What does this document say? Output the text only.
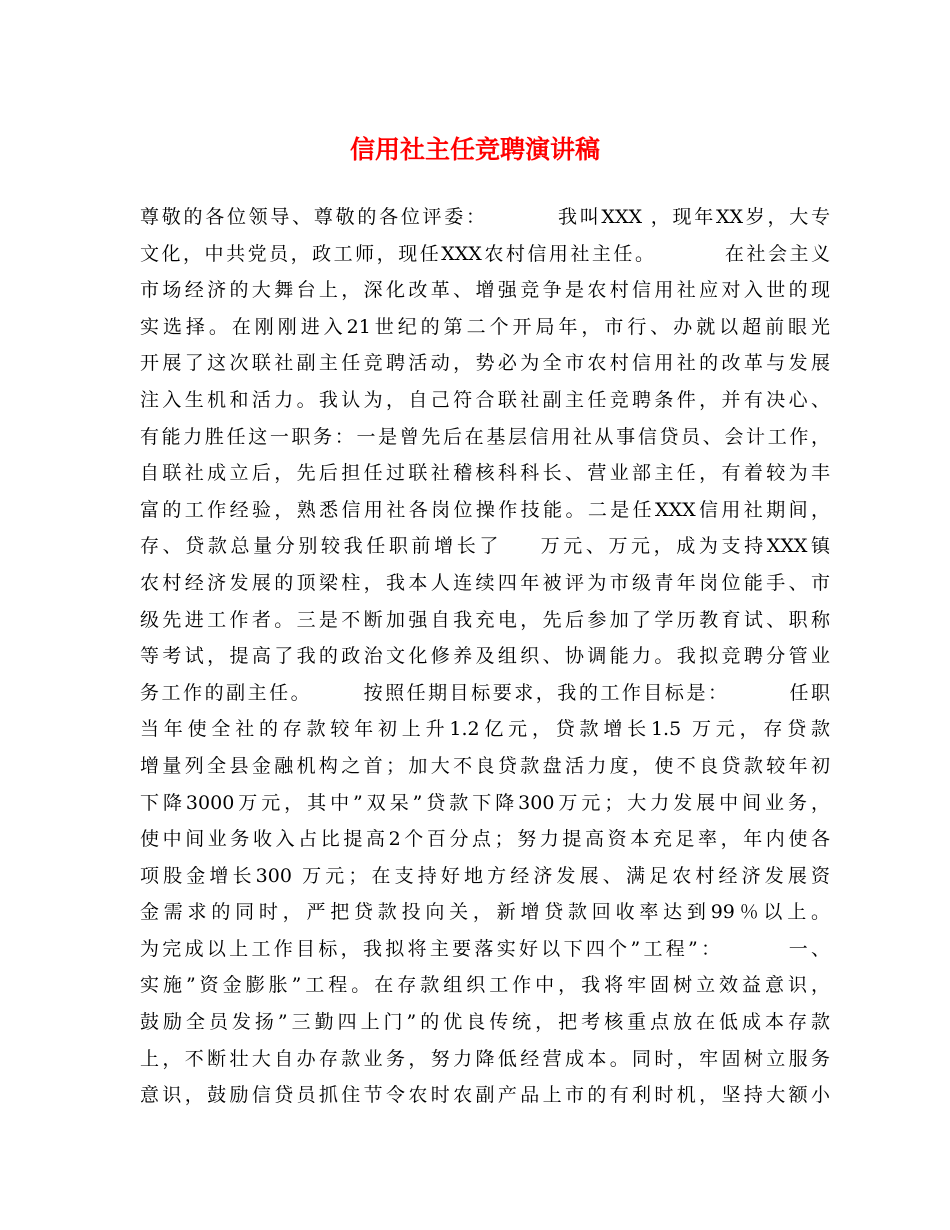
信用社主任竞聘演讲稿
尊敬的各位领导、尊敬的各位评委：        我叫XXX ，现年XX岁，大专
文化，中共党员，政工师，现任XXX农村信用社主任。        在社会主义
市场经济的大舞台上，深化改革、增强竞争是农村信用社应对入世的现
实选择。在刚刚进入21世纪的第二个开局年，市行、办就以超前眼光
开展了这次联社副主任竞聘活动，势必为全市农村信用社的改革与发展
注入生机和活力。我认为，自己符合联社副主任竞聘条件，并有决心、
有能力胜任这一职务：一是曾先后在基层信用社从事信贷员、会计工作，
自联社成立后，先后担任过联社稽核科科长、营业部主任，有着较为丰
富的工作经验，熟悉信用社各岗位操作技能。二是任XXX信用社期间，
存、贷款总量分别较我任职前增长了    万元、万元，成为支持XXX镇
农村经济发展的顶梁柱，我本人连续四年被评为市级青年岗位能手、市
级先进工作者。三是不断加强自我充电，先后参加了学历教育试、职称
等考试，提高了我的政治文化修养及组织、协调能力。我拟竞聘分管业
务工作的副主任。      按照任期目标要求，我的工作目标是：       任职
当年使全社的存款较年初上升1.2亿元，贷款增长1.5 万元，存贷款
增量列全县金融机构之首；加大不良贷款盘活力度，使不良贷款较年初
下降3000万元，其中”双呆”贷款下降300万元；大力发展中间业务，
使中间业务收入占比提高2个百分点；努力提高资本充足率，年内使各
项股金增长300 万元；在支持好地方经济发展、满足农村经济发展资
金需求的同时，严把贷款投向关，新增贷款回收率达到99％以上。
为完成以上工作目标，我拟将主要落实好以下四个”工程”：       一、
实施”资金膨胀”工程。在存款组织工作中，我将牢固树立效益意识，
鼓励全员发扬”三勤四上门”的优良传统，把考核重点放在低成本存款
上，不断壮大自办存款业务，努力降低经营成本。同时，牢固树立服务
意识，鼓励信贷员抓住节令农时农副产品上市的有利时机，坚持大额小
